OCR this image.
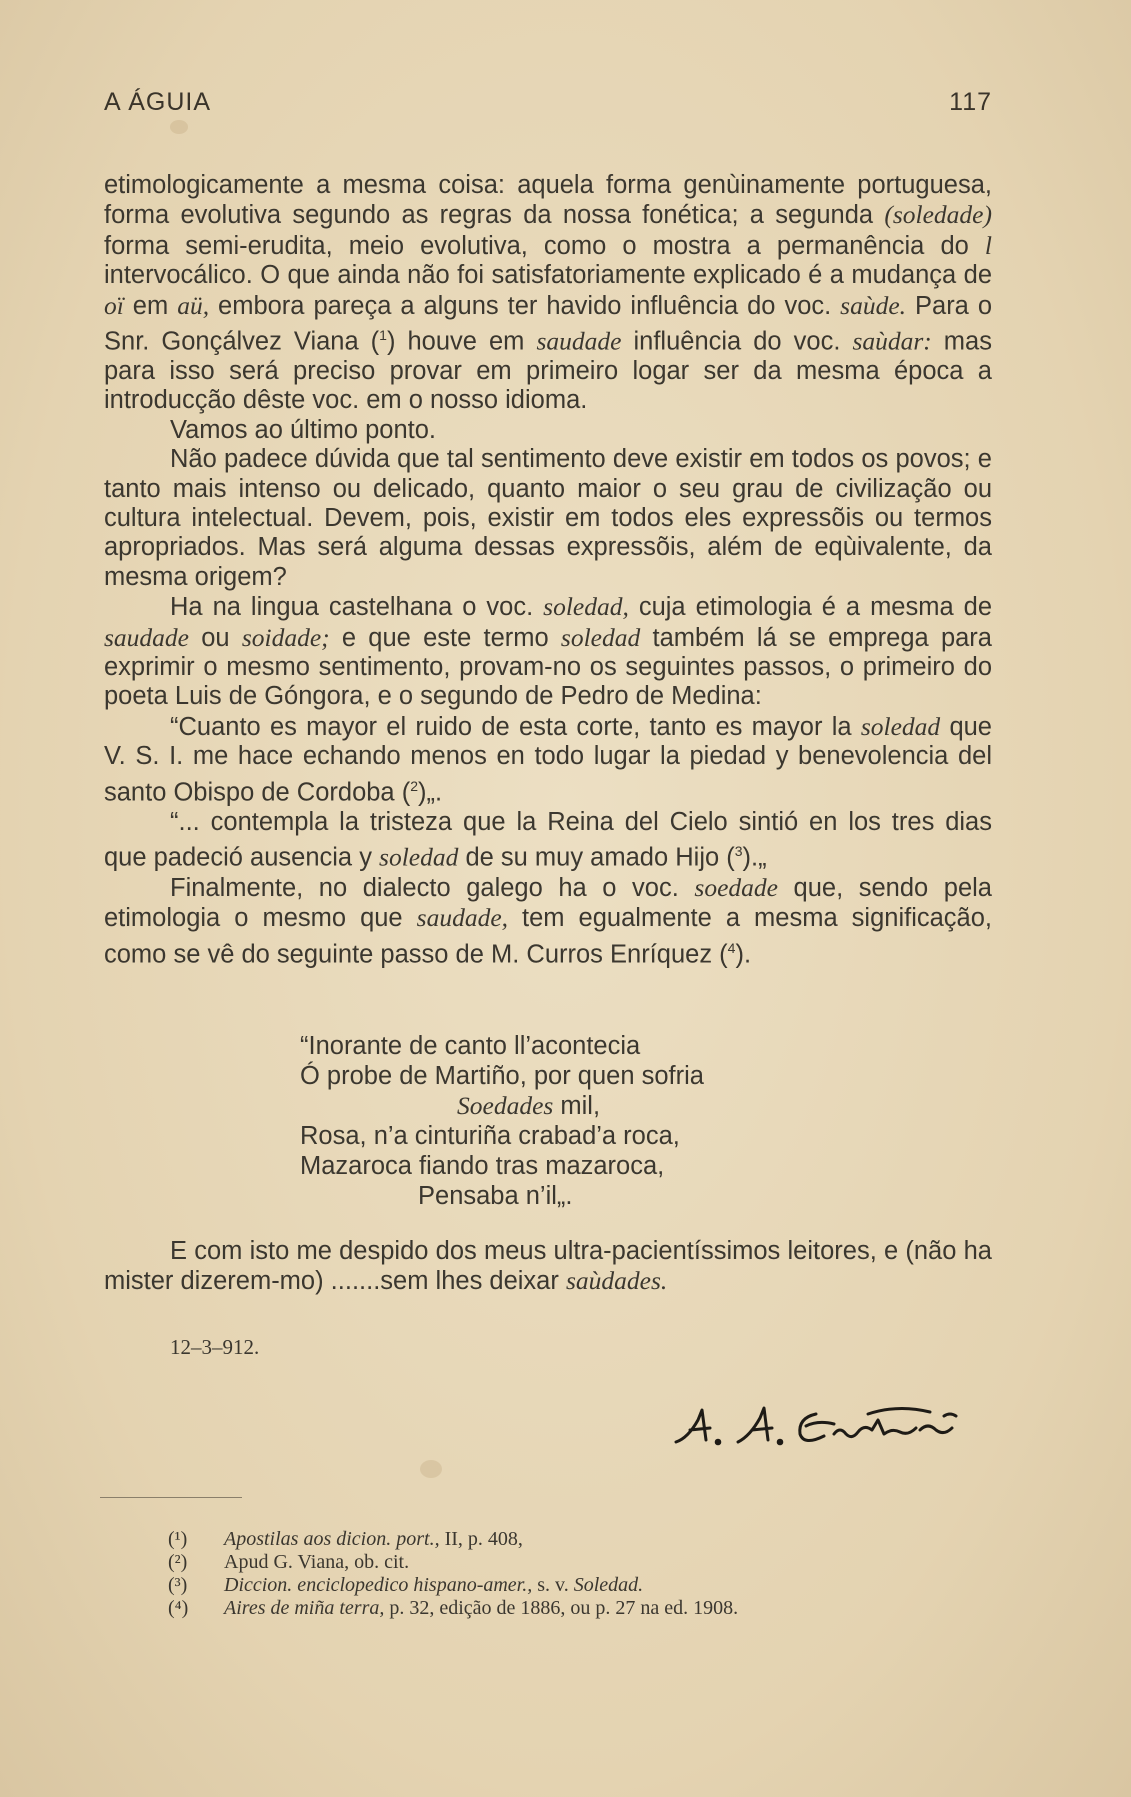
A ÁGUIA	117

etimologicamente a mesma coisa: aquela forma genùinamente portuguesa, forma evolutiva segundo as regras da nossa fonética; a segunda (soledade) forma semi-erudita, meio evolutiva, como o mostra a permanência do l intervocálico. O que ainda não foi satisfatoriamente explicado é a mudança de oï em aü, embora pareça a alguns ter havido influência do voc. saùde. Para o Snr. Gonçálvez Viana ($^1$) houve em saudade influência do voc. saùdar: mas para isso será preciso provar em primeiro logar ser da mesma época a introducção dêste voc. em o nosso idioma.

Vamos ao último ponto.

Não padece dúvida que tal sentimento deve existir em todos os povos; e tanto mais intenso ou delicado, quanto maior o seu grau de civilização ou cultura intelectual. Devem, pois, existir em todos eles expressõis ou termos apropriados. Mas será alguma dessas expressõis, além de eqùivalente, da mesma origem?

Ha na lingua castelhana o voc. soledad, cuja etimologia é a mesma de saudade ou soidade; e que este termo soledad também lá se emprega para exprimir o mesmo sentimento, provam-no os seguintes passos, o primeiro do poeta Luis de Góngora, e o segundo de Pedro de Medina:

“Cuanto es mayor el ruido de esta corte, tanto es mayor la soledad que V. S. I. me hace echando menos en todo lugar la piedad y benevolencia del santo Obispo de Cordoba ($^2$)„.

“... contempla la tristeza que la Reina del Cielo sintió en los tres dias que padeció ausencia y soledad de su muy amado Hijo ($^3$).„

Finalmente, no dialecto galego ha o voc. soedade que, sendo pela etimologia o mesmo que saudade, tem egualmente a mesma significação, como se vê do seguinte passo de M. Curros Enríquez ($^4$).

“Inorante de canto ll’acontecia
Ó probe de Martiño, por quen sofria
Soedades mil,
Rosa, n’a cinturiña crabad’a roca,
Mazaroca fiando tras mazaroca,
Pensaba n’il„.

E com isto me despido dos meus ultra-pacientíssimos leitores, e (não ha mister dizerem-mo) .......sem lhes deixar saùdades.

12–3–912.
(¹)	Apostilas aos dicion. port., II, p. 408,
(²)	Apud G. Viana, ob. cit.
(³)	Diccion. enciclopedico hispano-amer., s. v. Soledad.
(⁴)	Aires de miña terra, p. 32, edição de 1886, ou p. 27 na ed. 1908.
